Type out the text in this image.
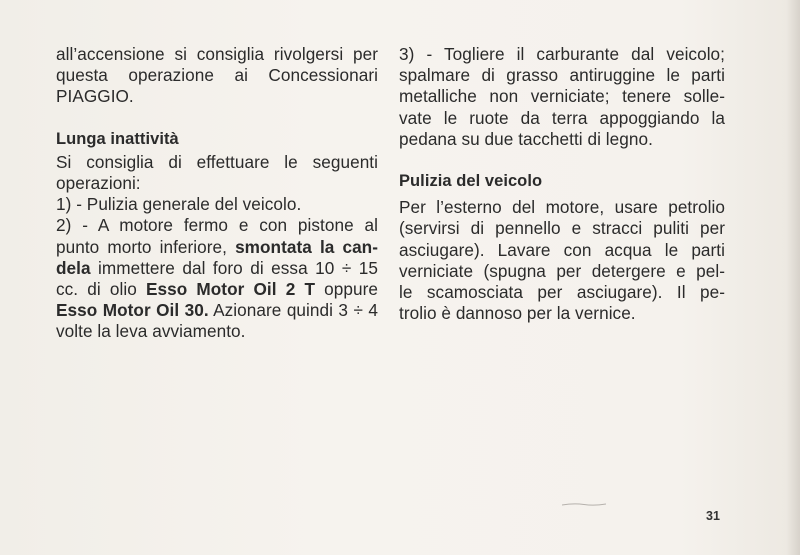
all’accensione si consiglia rivolgersi per

questa operazione ai Concessionari

PIAGGIO.

Lunga inattività

Si consiglia di effettuare le seguenti

operazioni:

1) - Pulizia generale del veicolo.

2) - A motore fermo e con pistone al

punto morto inferiore, smontata la can-

dela immettere dal foro di essa 10 ÷ 15

cc. di olio Esso Motor Oil 2 T oppure

Esso Motor Oil 30. Azionare quindi 3 ÷ 4

volte la leva avviamento.

3) - Togliere il carburante dal veicolo;

spalmare di grasso antiruggine le parti

metalliche non verniciate; tenere solle-

vate le ruote da terra appoggiando la

pedana su due tacchetti di legno.

Pulizia del veicolo

Per l’esterno del motore, usare petrolio

(servirsi di pennello e stracci puliti per

asciugare). Lavare con acqua le parti

verniciate (spugna per detergere e pel-

le scamosciata per asciugare). Il pe-

trolio è dannoso per la vernice.

31
